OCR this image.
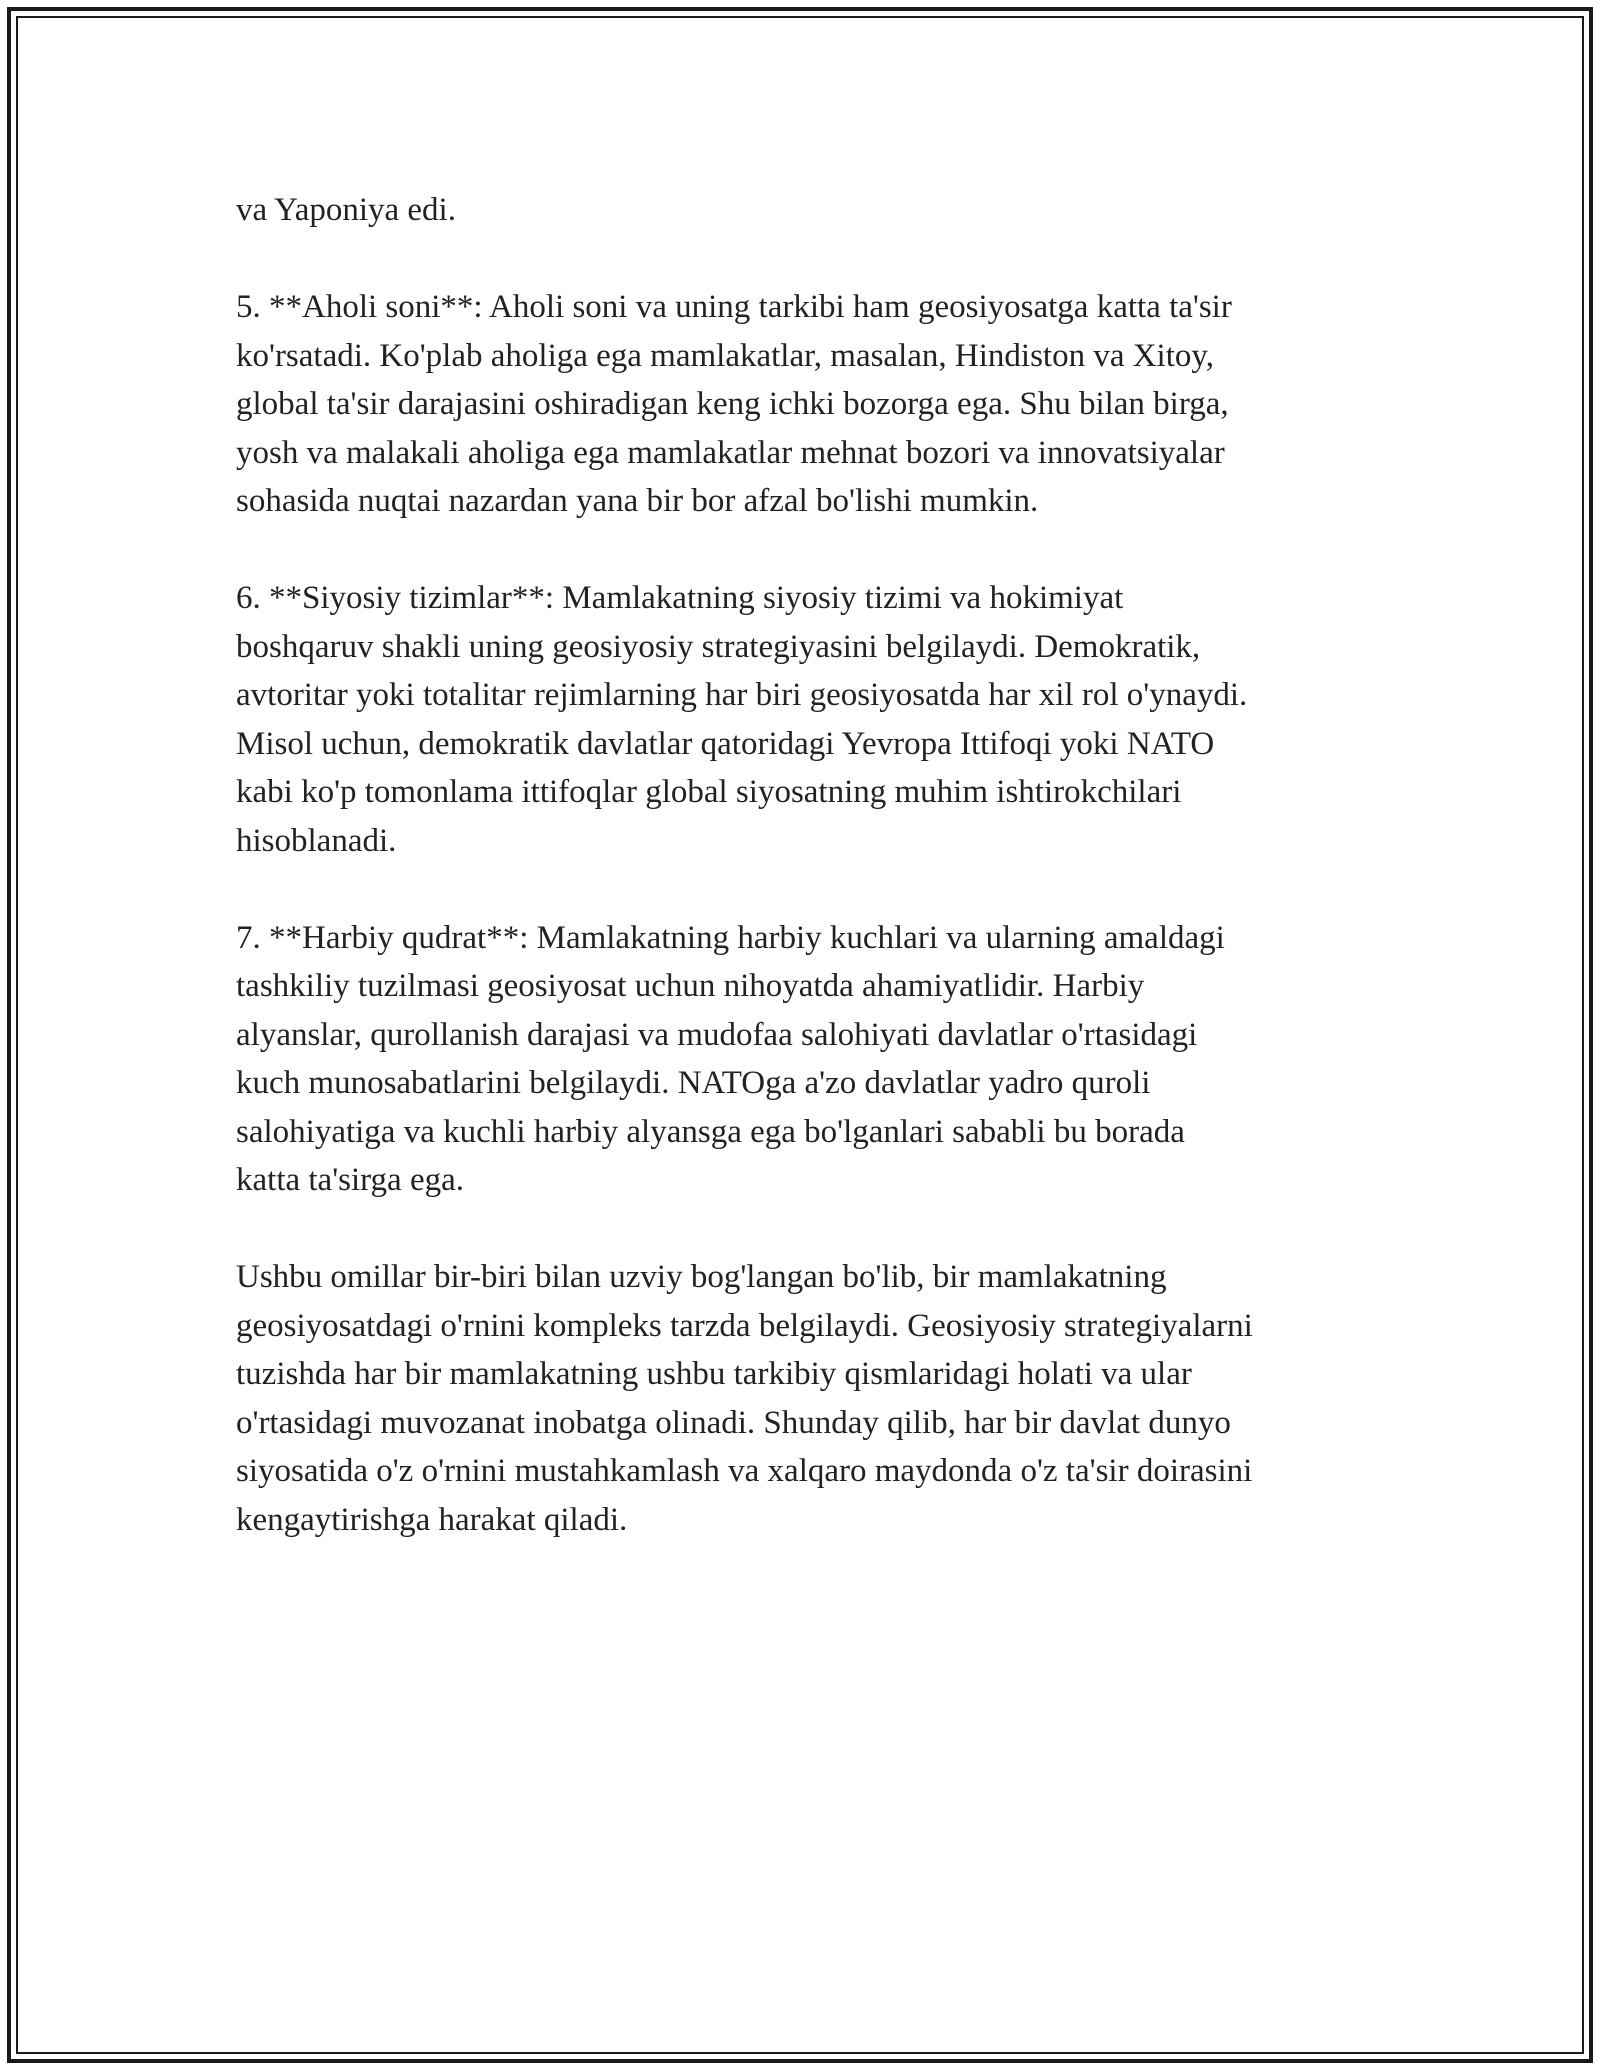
va Yaponiya edi.

5. **Aholi soni**: Aholi soni va uning tarkibi ham geosiyosatga katta ta'sir
ko'rsatadi. Ko'plab aholiga ega mamlakatlar, masalan, Hindiston va Xitoy,
global ta'sir darajasini oshiradigan keng ichki bozorga ega. Shu bilan birga,
yosh va malakali aholiga ega mamlakatlar mehnat bozori va innovatsiyalar
sohasida nuqtai nazardan yana bir bor afzal bo'lishi mumkin.

6. **Siyosiy tizimlar**: Mamlakatning siyosiy tizimi va hokimiyat
boshqaruv shakli uning geosiyosiy strategiyasini belgilaydi. Demokratik,
avtoritar yoki totalitar rejimlarning har biri geosiyosatda har xil rol o'ynaydi.
Misol uchun, demokratik davlatlar qatoridagi Yevropa Ittifoqi yoki NATO
kabi ko'p tomonlama ittifoqlar global siyosatning muhim ishtirokchilari
hisoblanadi.

7. **Harbiy qudrat**: Mamlakatning harbiy kuchlari va ularning amaldagi
tashkiliy tuzilmasi geosiyosat uchun nihoyatda ahamiyatlidir. Harbiy
alyanslar, qurollanish darajasi va mudofaa salohiyati davlatlar o'rtasidagi
kuch munosabatlarini belgilaydi. NATOga a'zo davlatlar yadro quroli
salohiyatiga va kuchli harbiy alyansga ega bo'lganlari sababli bu borada
katta ta'sirga ega.

Ushbu omillar bir-biri bilan uzviy bog'langan bo'lib, bir mamlakatning
geosiyosatdagi o'rnini kompleks tarzda belgilaydi. Geosiyosiy strategiyalarni
tuzishda har bir mamlakatning ushbu tarkibiy qismlaridagi holati va ular
o'rtasidagi muvozanat inobatga olinadi. Shunday qilib, har bir davlat dunyo
siyosatida o'z o'rnini mustahkamlash va xalqaro maydonda o'z ta'sir doirasini
kengaytirishga harakat qiladi.
